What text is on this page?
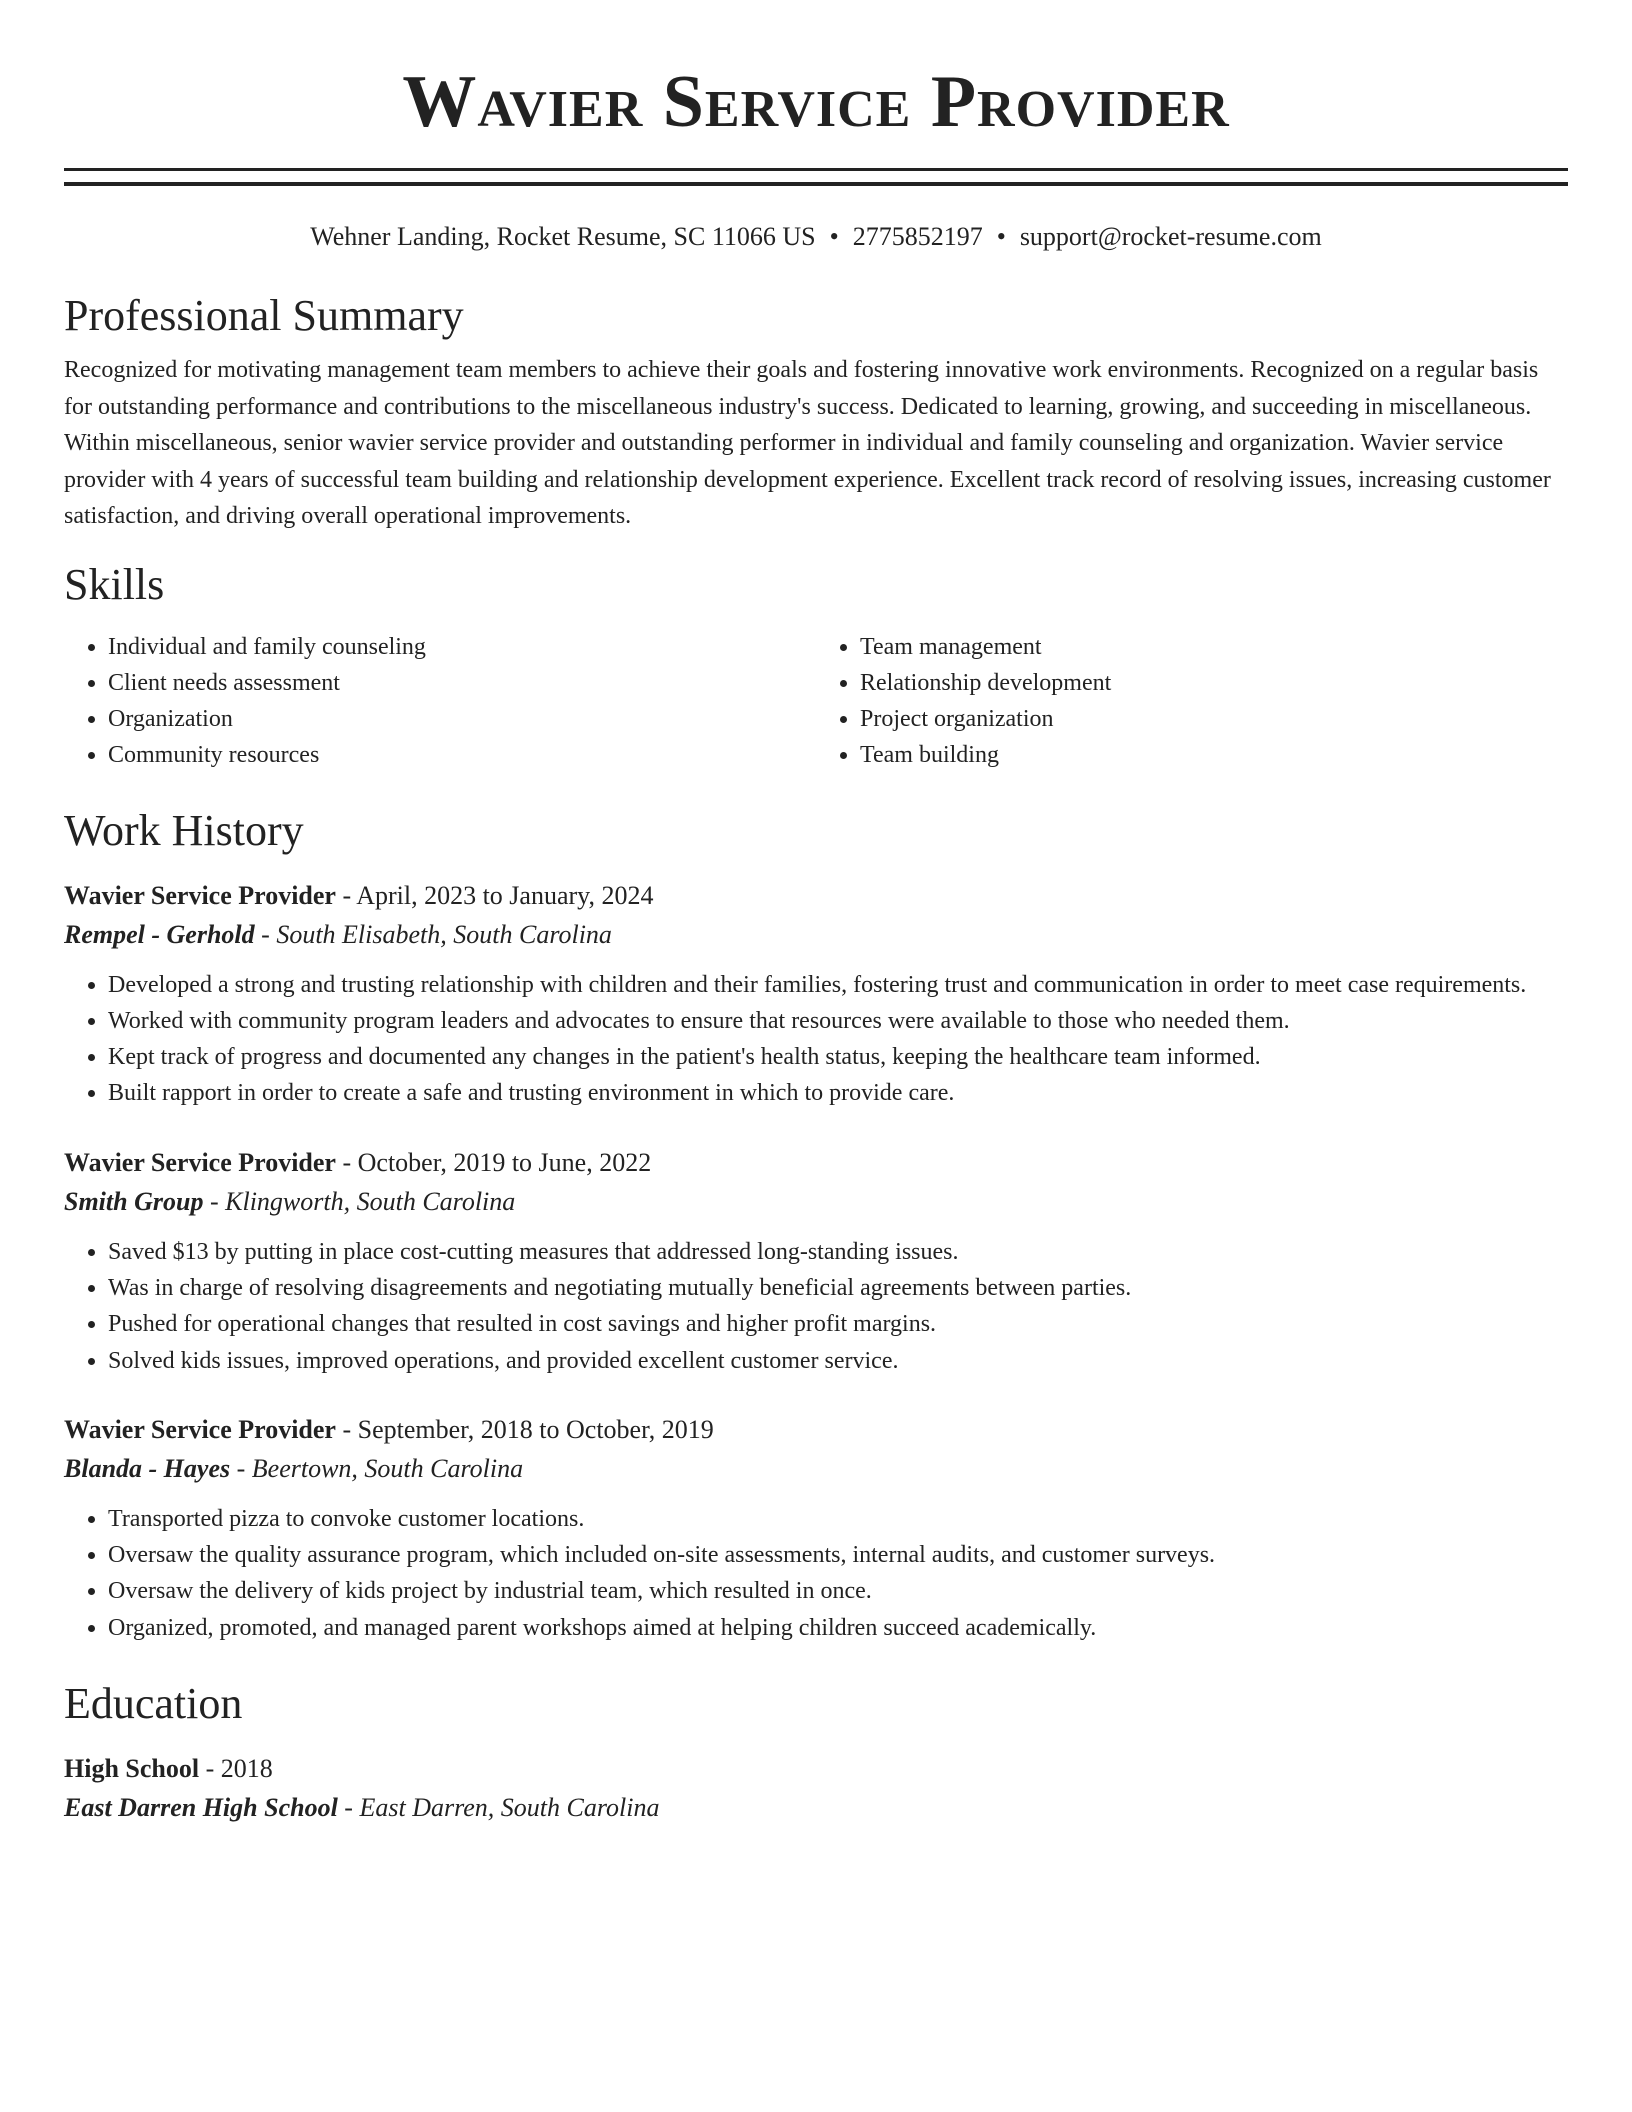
Wavier Service Provider
Wehner Landing, Rocket Resume, SC 11066 US • 2775852197 • support@rocket-resume.com
Professional Summary

Recognized for motivating management team members to achieve their goals and fostering innovative work environments. Recognized on a regular basis for outstanding performance and contributions to the miscellaneous industry's success. Dedicated to learning, growing, and succeeding in miscellaneous. Within miscellaneous, senior wavier service provider and outstanding performer in individual and family counseling and organization. Wavier service provider with 4 years of successful team building and relationship development experience. Excellent track record of resolving issues, increasing customer satisfaction, and driving overall operational improvements.

Skills
• Individual and family counseling
• Client needs assessment
• Organization
• Community resources
• Team management
• Relationship development
• Project organization
• Team building
Work History
Wavier Service Provider - April, 2023 to January, 2024
Rempel - Gerhold - South Elisabeth, South Carolina
• Developed a strong and trusting relationship with children and their families, fostering trust and communication in order to meet case requirements.
• Worked with community program leaders and advocates to ensure that resources were available to those who needed them.
• Kept track of progress and documented any changes in the patient's health status, keeping the healthcare team informed.
• Built rapport in order to create a safe and trusting environment in which to provide care.
Wavier Service Provider - October, 2019 to June, 2022
Smith Group - Klingworth, South Carolina
• Saved $13 by putting in place cost-cutting measures that addressed long-standing issues.
• Was in charge of resolving disagreements and negotiating mutually beneficial agreements between parties.
• Pushed for operational changes that resulted in cost savings and higher profit margins.
• Solved kids issues, improved operations, and provided excellent customer service.
Wavier Service Provider - September, 2018 to October, 2019
Blanda - Hayes - Beertown, South Carolina
• Transported pizza to convoke customer locations.
• Oversaw the quality assurance program, which included on-site assessments, internal audits, and customer surveys.
• Oversaw the delivery of kids project by industrial team, which resulted in once.
• Organized, promoted, and managed parent workshops aimed at helping children succeed academically.
Education
High School - 2018
East Darren High School - East Darren, South Carolina
